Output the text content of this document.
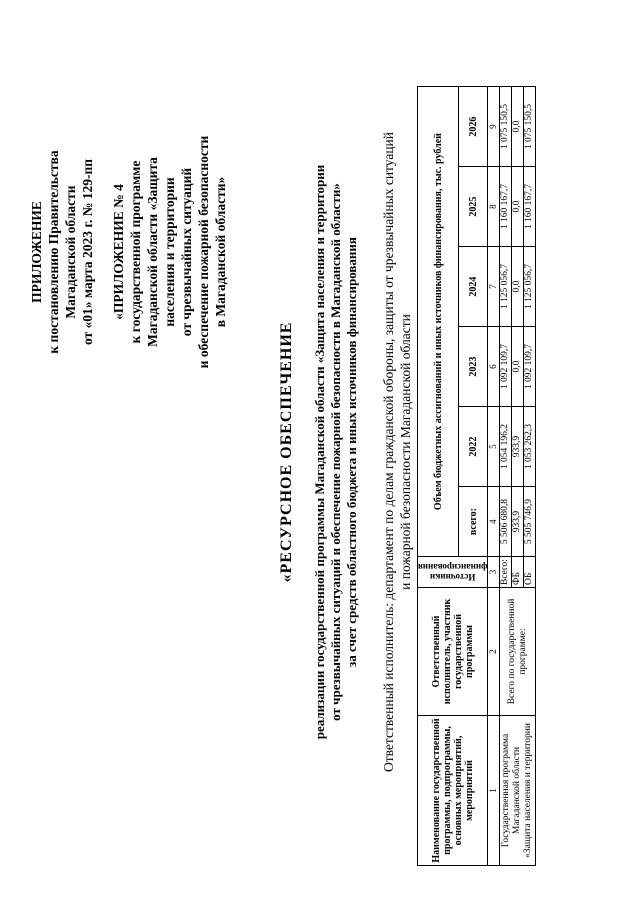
ПРИЛОЖЕНИЕ к постановлению Правительства Магаданской области от «01» марта 2023 г. № 129-пп «ПРИЛОЖЕНИЕ № 4 к государственной программе Магаданской области «Защита населения и территории от чрезвычайных ситуаций и обеспечение пожарной безопасности в Магаданской области»
«РЕСУРСНОЕ ОБЕСПЕЧЕНИЕ реализации государственной программы Магаданской области «Защита населения и территории от чрезвычайных ситуаций и обеспечение пожарной безопасности в Магаданской области» за счет средств областного бюджета и иных источников финансирования Ответственный исполнитель: департамент по делам гражданской обороны, защиты от чрезвычайных ситуаций и пожарной безопасности Магаданской области
Наименование государственной программы, подпрограммы, основных мероприятий, мероприятий	Ответственный исполнитель, участник государственной программы	Источники финансирования	Объем бюджетных ассигнований и иных источников финансирования, тыс. рублей					
			всего:	2022	2023	2024	2025	2026
1	2	3	4	5	6	7	8	9

Государственная программа Магаданской области «Защита населения и территории	Всего по государственной программе:	Всего:	5 506 680,8	1 054 196,2	1 092 109,7	1 125 056,7	1 160 167,7	1 075 150,5
		ФБ	933,9	933,9	0,0	0,0	0,0	0,0
		ОБ	5 505 746,9	1 053 262,3	1 092 109,7	1 125 056,7	1 160 167,7	1 075 150,5
